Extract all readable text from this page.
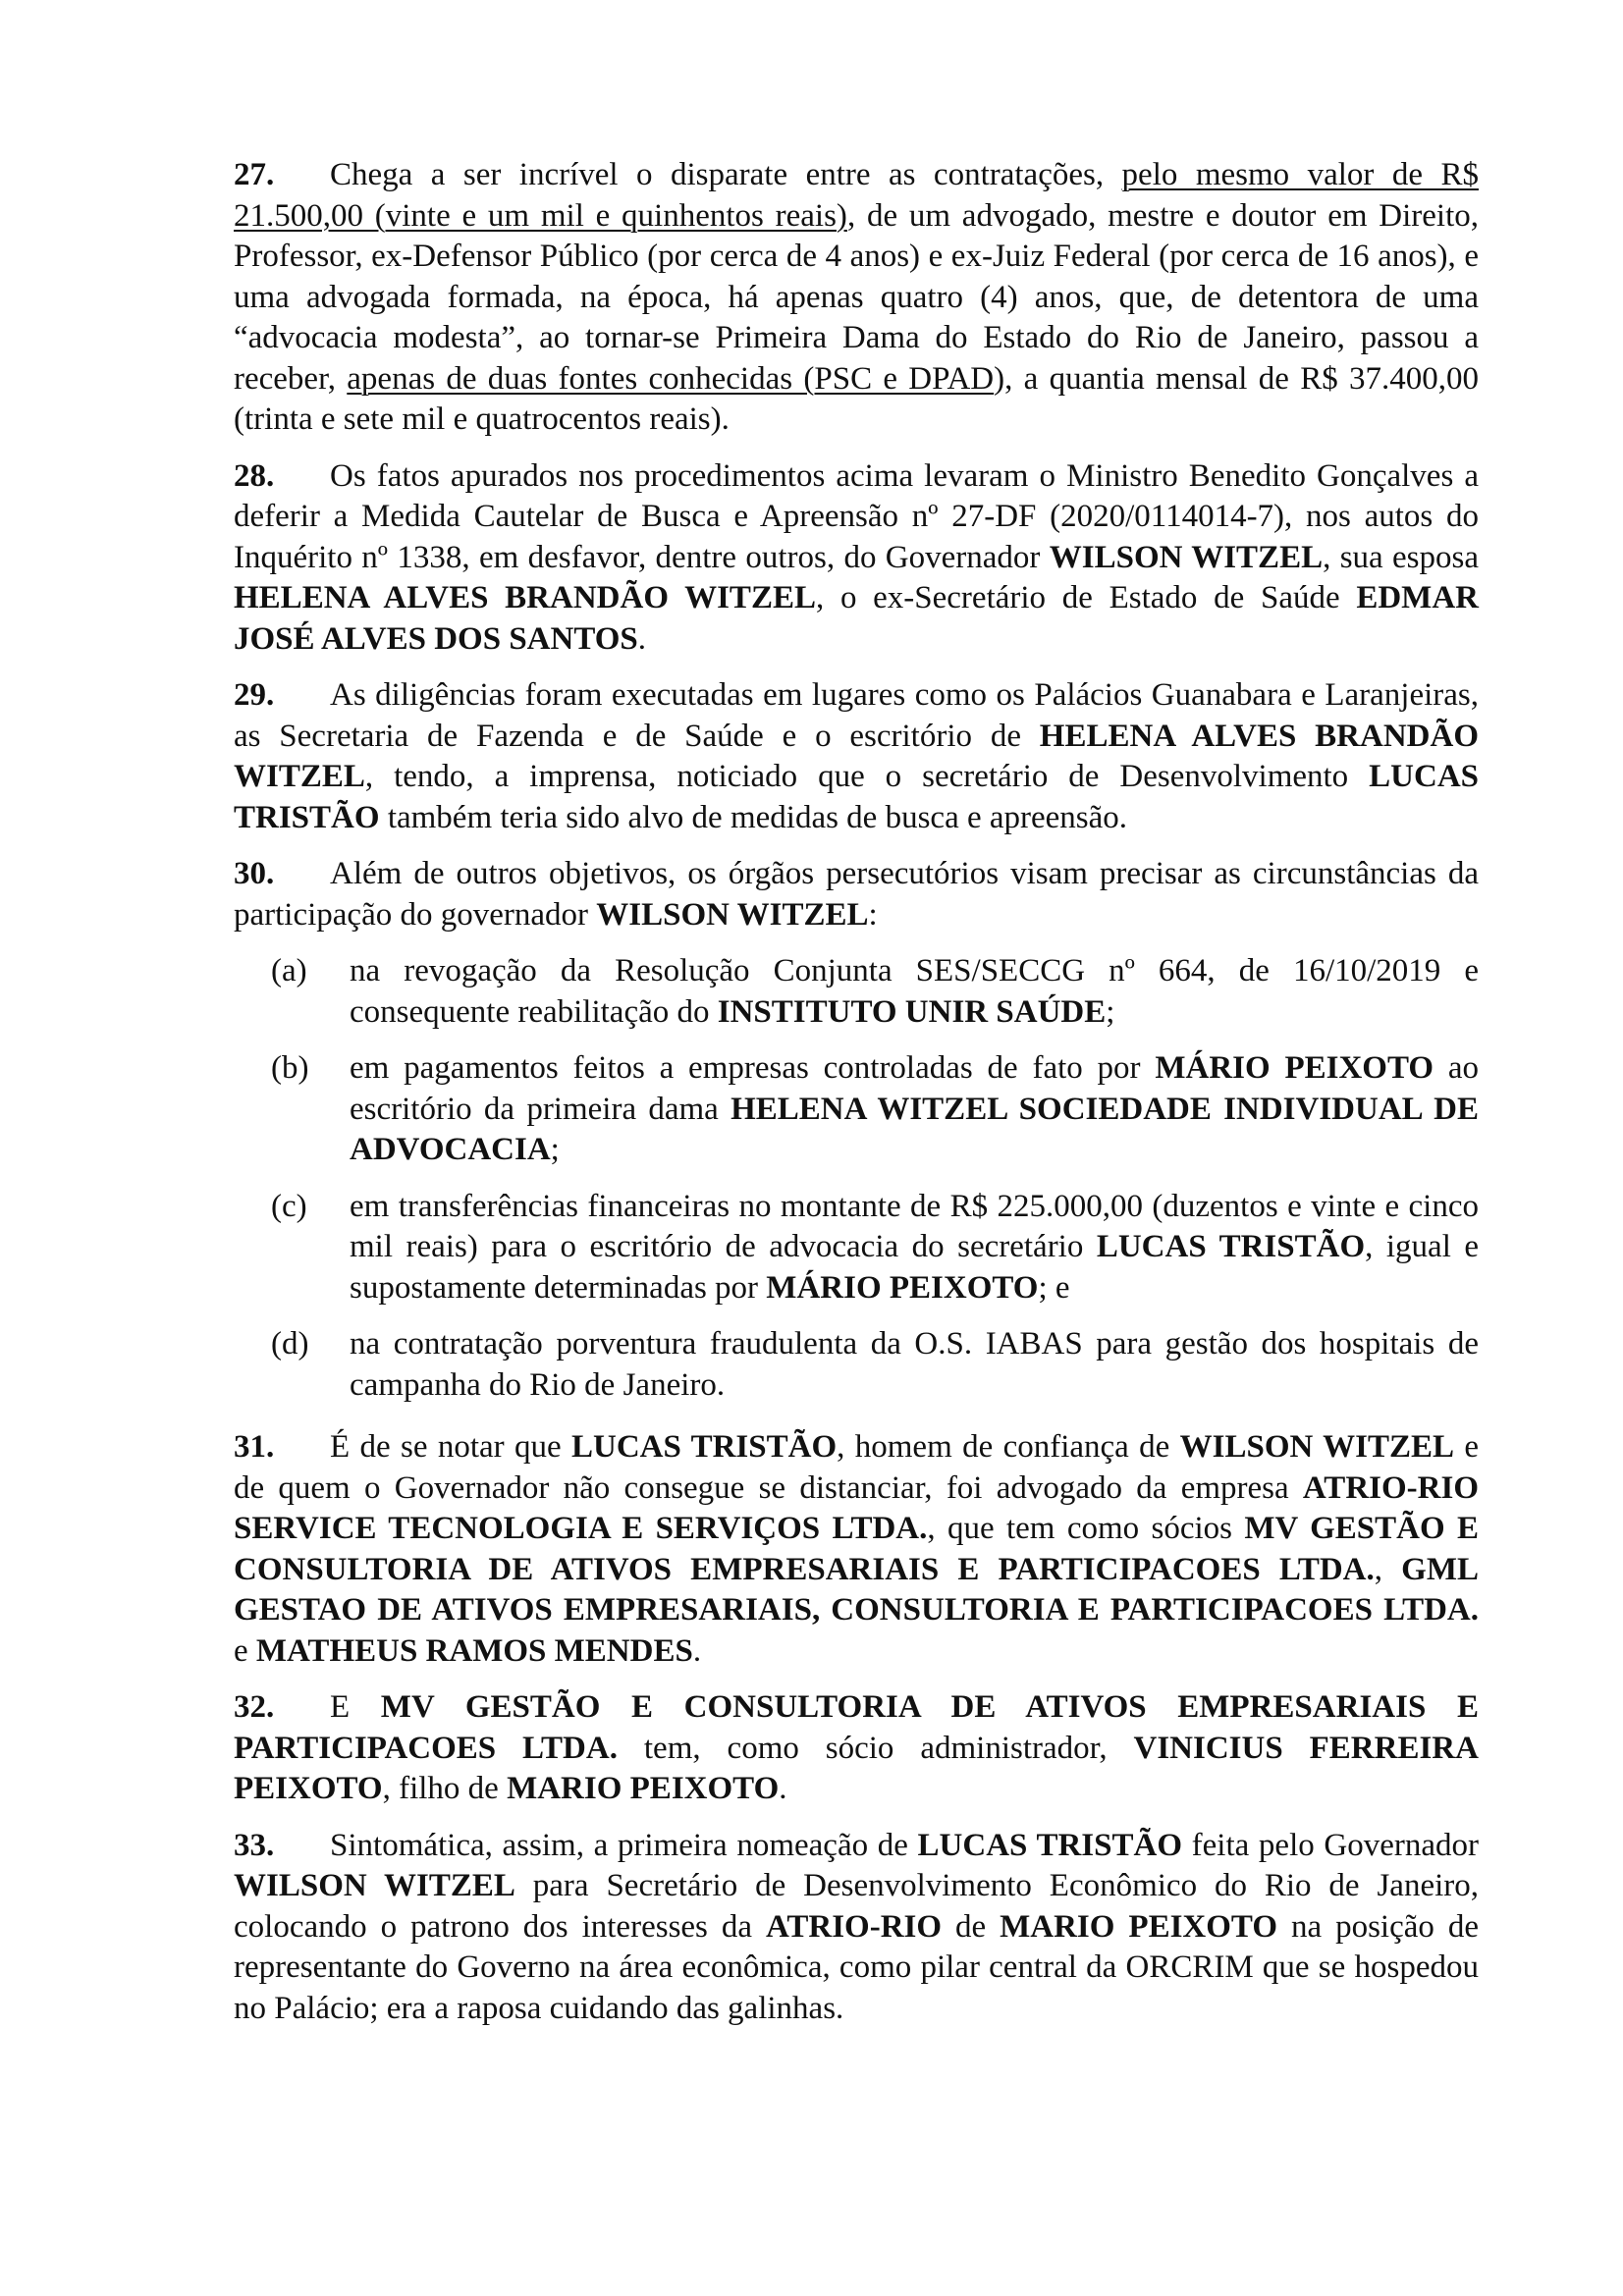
27. Chega a ser incrível o disparate entre as contratações, pelo mesmo valor de R$ 21.500,00 (vinte e um mil e quinhentos reais), de um advogado, mestre e doutor em Direito, Professor, ex-Defensor Público (por cerca de 4 anos) e ex-Juiz Federal (por cerca de 16 anos), e uma advogada formada, na época, há apenas quatro (4) anos, que, de detentora de uma “advocacia modesta”, ao tornar-se Primeira Dama do Estado do Rio de Janeiro, passou a receber, apenas de duas fontes conhecidas (PSC e DPAD), a quantia mensal de R$ 37.400,00 (trinta e sete mil e quatrocentos reais).

28. Os fatos apurados nos procedimentos acima levaram o Ministro Benedito Gonçalves a deferir a Medida Cautelar de Busca e Apreensão nº 27-DF (2020/0114014-7), nos autos do Inquérito nº 1338, em desfavor, dentre outros, do Governador WILSON WITZEL, sua esposa HELENA ALVES BRANDÃO WITZEL, o ex-Secretário de Estado de Saúde EDMAR JOSÉ ALVES DOS SANTOS.

29. As diligências foram executadas em lugares como os Palácios Guanabara e Laranjeiras, as Secretaria de Fazenda e de Saúde e o escritório de HELENA ALVES BRANDÃO WITZEL, tendo, a imprensa, noticiado que o secretário de Desenvolvimento LUCAS TRISTÃO também teria sido alvo de medidas de busca e apreensão.

30. Além de outros objetivos, os órgãos persecutórios visam precisar as circunstâncias da participação do governador WILSON WITZEL:

(a) na revogação da Resolução Conjunta SES/SECCG nº 664, de 16/10/2019 e consequente reabilitação do INSTITUTO UNIR SAÚDE;
(b) em pagamentos feitos a empresas controladas de fato por MÁRIO PEIXOTO ao escritório da primeira dama HELENA WITZEL SOCIEDADE INDIVIDUAL DE ADVOCACIA;
(c) em transferências financeiras no montante de R$ 225.000,00 (duzentos e vinte e cinco mil reais) para o escritório de advocacia do secretário LUCAS TRISTÃO, igual e supostamente determinadas por MÁRIO PEIXOTO; e
(d) na contratação porventura fraudulenta da O.S. IABAS para gestão dos hospitais de campanha do Rio de Janeiro.

31. É de se notar que LUCAS TRISTÃO, homem de confiança de WILSON WITZEL e de quem o Governador não consegue se distanciar, foi advogado da empresa ATRIO-RIO SERVICE TECNOLOGIA E SERVIÇOS LTDA., que tem como sócios MV GESTÃO E CONSULTORIA DE ATIVOS EMPRESARIAIS E PARTICIPACOES LTDA., GML GESTAO DE ATIVOS EMPRESARIAIS, CONSULTORIA E PARTICIPACOES LTDA. e MATHEUS RAMOS MENDES.

32. E MV GESTÃO E CONSULTORIA DE ATIVOS EMPRESARIAIS E PARTICIPACOES LTDA. tem, como sócio administrador, VINICIUS FERREIRA PEIXOTO, filho de MARIO PEIXOTO.

33. Sintomática, assim, a primeira nomeação de LUCAS TRISTÃO feita pelo Governador WILSON WITZEL para Secretário de Desenvolvimento Econômico do Rio de Janeiro, colocando o patrono dos interesses da ATRIO-RIO de MARIO PEIXOTO na posição de representante do Governo na área econômica, como pilar central da ORCRIM que se hospedou no Palácio; era a raposa cuidando das galinhas.
